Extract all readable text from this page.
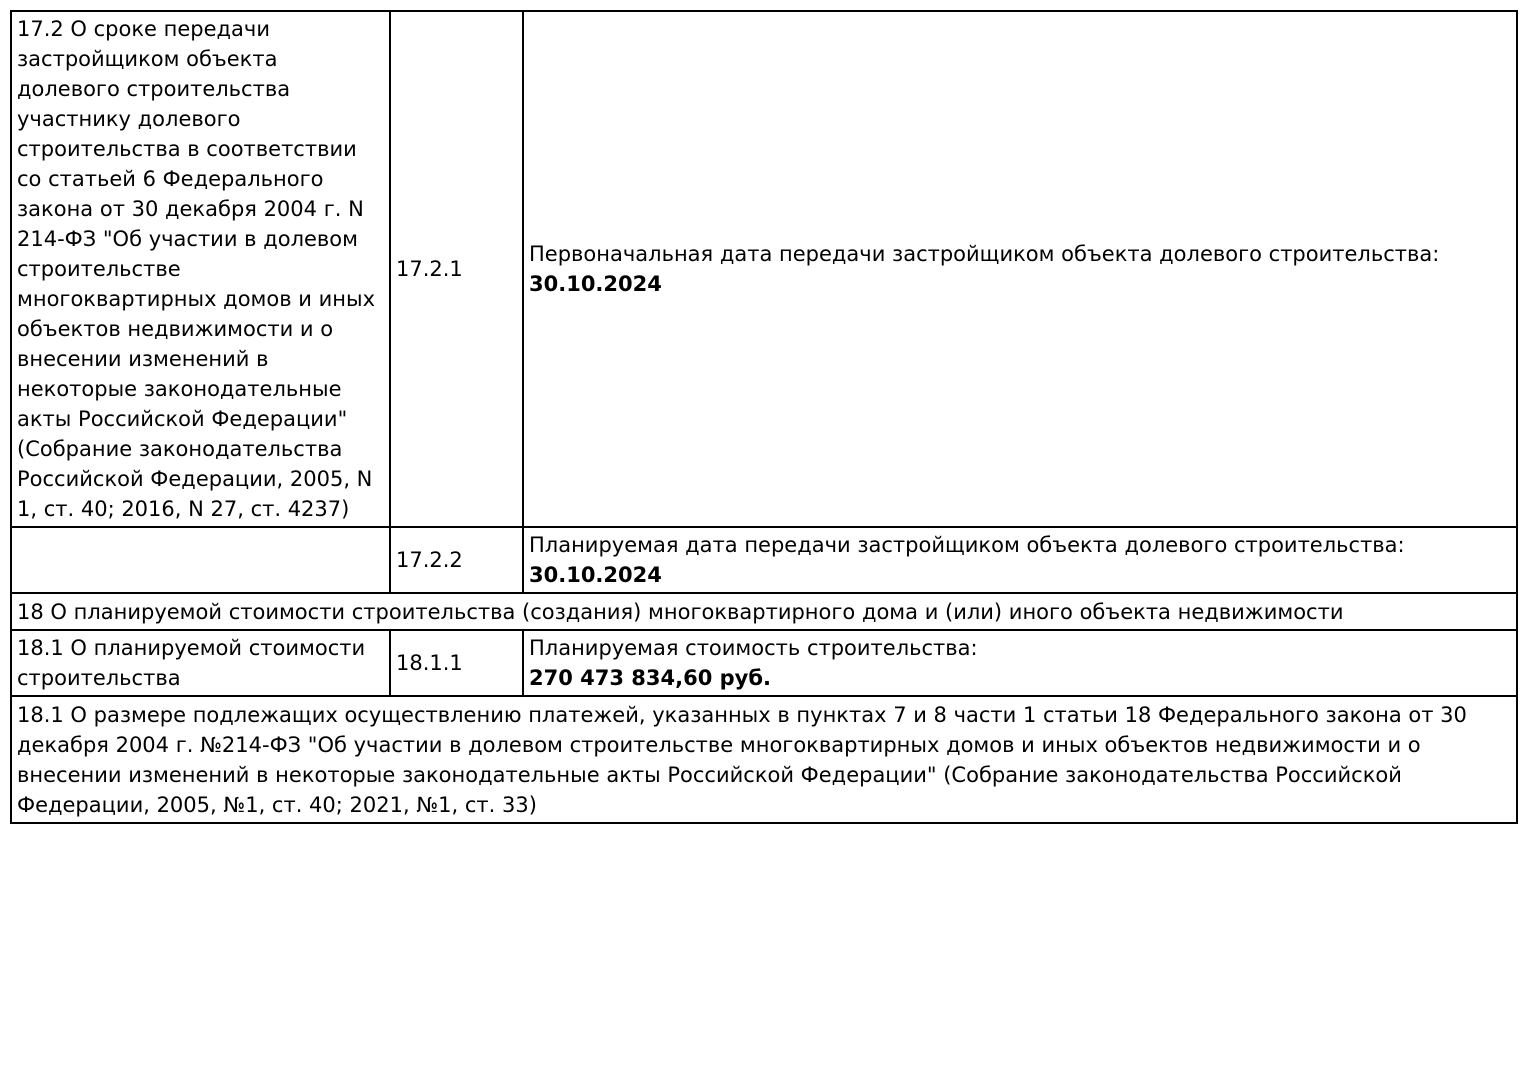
17.2 О сроке передачи застройщиком объекта долевого строительства участнику долевого строительства в соответствии со статьей 6 Федерального закона от 30 декабря 2004 г. N 214-ФЗ "Об участии в долевом строительстве многоквартирных домов и иных объектов недвижимости и о внесении изменений в некоторые законодательные акты Российской Федерации" (Собрание законодательства Российской Федерации, 2005, N 1, ст. 40; 2016, N 27, ст. 4237)	17.2.1	Первоначальная дата передачи застройщиком объекта долевого строительства:
30.10.2024

	17.2.2	Планируемая дата передачи застройщиком объекта долевого строительства:
30.10.2024

18 О планируемой стоимости строительства (создания) многоквартирного дома и (или) иного объекта недвижимости		
18.1 О планируемой стоимости строительства	18.1.1	Планируемая стоимость строительства:
270 473 834,60 руб.

18.1 О размере подлежащих осуществлению платежей, указанных в пунктах 7 и 8 части 1 статьи 18 Федерального закона от 30 декабря 2004 г. №214-ФЗ "Об участии в долевом строительстве многоквартирных домов и иных объектов недвижимости и о внесении изменений в некоторые законодательные акты Российской Федерации" (Собрание законодательства Российской Федерации, 2005, №1, ст. 40; 2021, №1, ст. 33)		
